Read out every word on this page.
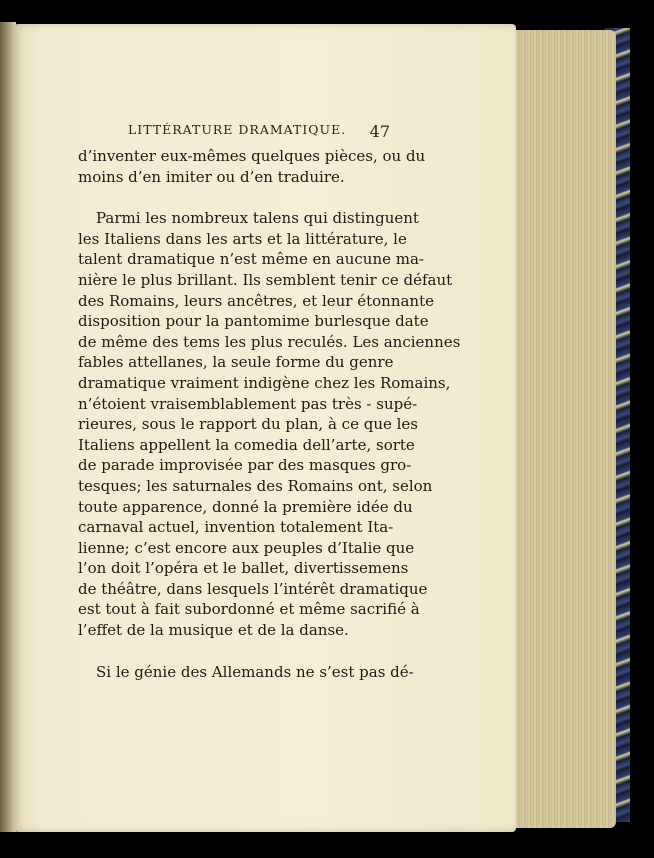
LITTÉRATURE DRAMATIQUE. 47
d’inventer eux-mêmes quelques pièces, ou du
moins d’en imiter ou d’en traduire.
Parmi les nombreux talens qui distinguent
les Italiens dans les arts et la littérature, le
talent dramatique n’est même en aucune ma-
nière le plus brillant. Ils semblent tenir ce défaut
des Romains, leurs ancêtres, et leur étonnante
disposition pour la pantomime burlesque date
de même des tems les plus reculés. Les anciennes
fables attellanes, la seule forme du genre
dramatique vraiment indigène chez les Romains,
n’étoient vraisemblablement pas très - supé-
rieures, sous le rapport du plan, à ce que les
Italiens appellent la comedia dell’arte, sorte
de parade improvisée par des masques gro-
tesques; les saturnales des Romains ont, selon
toute apparence, donné la première idée du
carnaval actuel, invention totalement Ita-
lienne; c’est encore aux peuples d’Italie que
l’on doit l’opéra et le ballet, divertissemens
de théâtre, dans lesquels l’intérêt dramatique
est tout à fait subordonné et même sacrifié à
l’effet de la musique et de la danse.
Si le génie des Allemands ne s’est pas dé-
